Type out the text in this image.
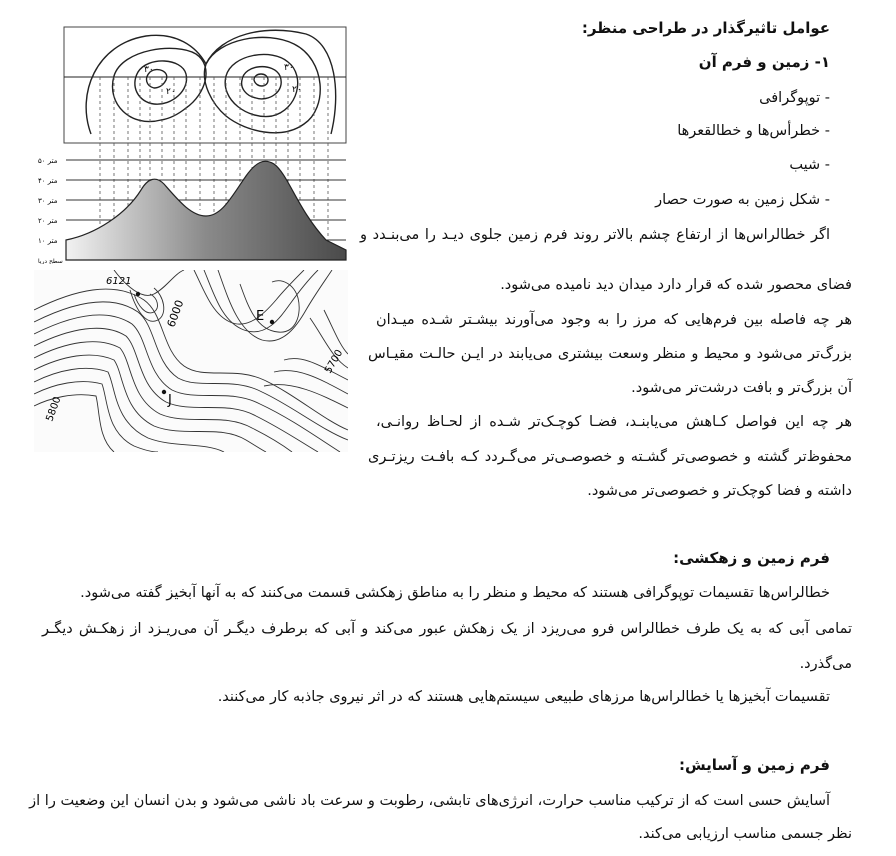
عوامل تاثیرگذار در طراحی منظر:
۱- زمین و فرم آن
- توپوگرافی
- خطرأس‌ها و خطالقعرها
- شیب
- شکل زمین به صورت حصار
اگر خطالراس‌ها از ارتفاع چشم بالاتر روند فرم زمین جلوی دیـد را می‌بنـدد و
فضای محصور شده که قرار دارد میدان دید نامیده می‌شود.
هر چه فاصله بین فرم‌هایی که مرز را به وجود می‌آورند بیشـتر شـده میـدان
بزرگ‌تر می‌شود و محیط و منظر وسعت بیشتری می‌یابند در ایـن حالـت مقیـاس
آن بزرگ‌تر و بافت درشت‌تر می‌شود.
هر چه این فواصل کـاهش می‌یابنـد، فضـا کوچـک‌تر شـده از لحـاظ روانـی،
محفوظ‌تر گشته و خصوصی‌تر گشـته و خصوصـی‌تر می‌گـردد کـه بافـت ریزتـری
داشته و فضا کوچک‌تر و خصوصی‌تر می‌شود.
فرم زمین و زهکشی:
خطالراس‌ها تقسیمات توپوگرافی هستند که محیط و منظر را به مناطق زهکشی قسمت می‌کنند که به آنها آبخیز گفته می‌شود.
تمامی آبی که به یک طرف خطالراس فرو می‌ریزد از یک زهکش عبور می‌کند و آبی که برطرف دیگـر آن می‌ریـزد از زهکـش دیگـر
می‌گذرد.
تقسیمات آبخیزها یا خطالراس‌ها مرزهای طبیعی سیستم‌هایی هستند که در اثر نیروی جاذبه کار می‌کنند.
فرم زمین و آسایش:
آسایش حسی است که از ترکیب مناسب حرارت، انرژی‌های تابشی، رطوبت و سرعت باد ناشی می‌شود و بدن انسان این وضعیت را از
نظر جسمی مناسب ارزیابی می‌کند.
۳۰
۲۰
۳۰
۲۰
۵۰ متر
۴۰ متر
۳۰ متر
۲۰ متر
۱۰ متر
سطح دریا
6121
6000	E
5700
J
5800
